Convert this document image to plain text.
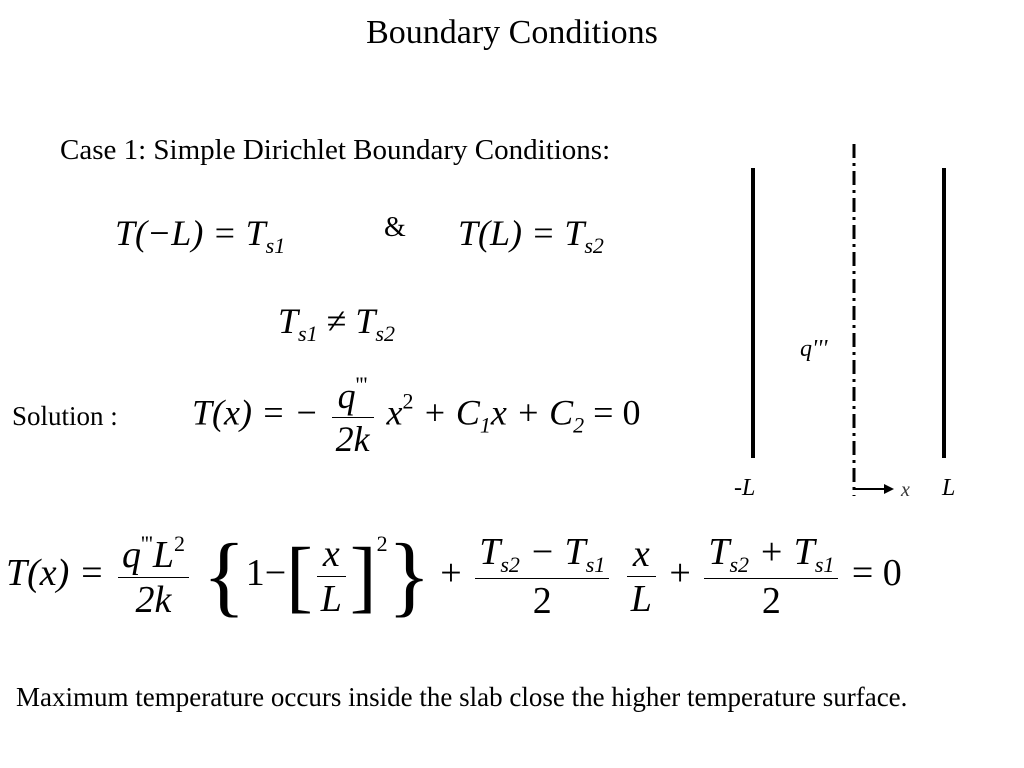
Boundary Conditions
Case 1: Simple Dirichlet Boundary Conditions:
$T(-L) = T_{s1}$
& $T(L) = T_{s2}$
$T_{s1} \ne T_{s2}$
Solution : T(x) = − $\frac{q'''}{2k} x^2 + C_1x + C_2 = 0$
$T(x) = \frac{q'''L^2}{2k} \{1-[ \frac{x}{L} ]^2\} + \frac{T_{s2} - T_{s1}}{2}$
$\frac{x}{L} + \frac{T_{s2} + T_{s1}}{2} = 0$
q'''
-L	L
x
Maximum temperature occurs inside the slab close the higher temperature surface.
